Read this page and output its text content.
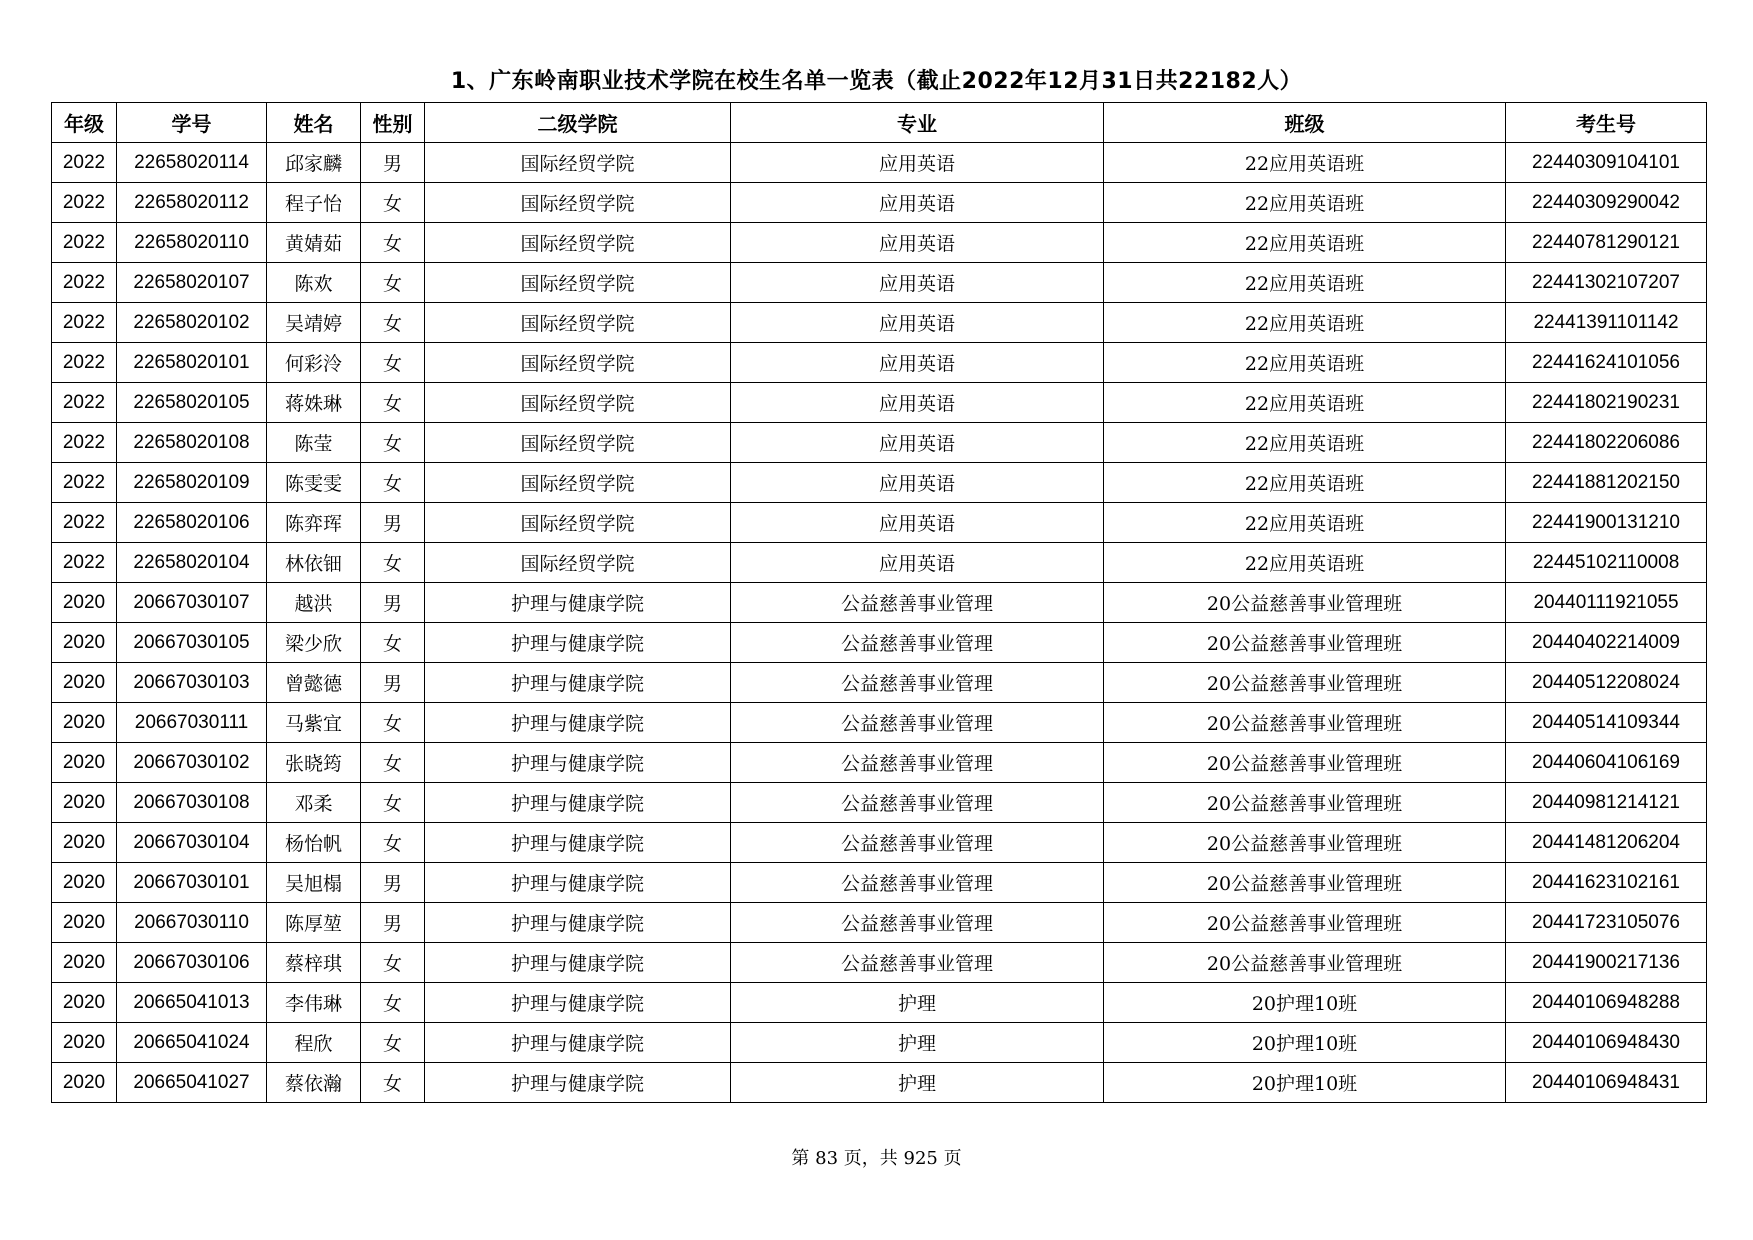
1、广东岭南职业技术学院在校生名单一览表（截止2022年12月31日共22182人）
年级	学号	姓名	性别	二级学院	专业	班级	考生号
2022	22658020114	邱家麟	男	国际经贸学院	应用英语	22应用英语班	22440309104101
2022	22658020112	程子怡	女	国际经贸学院	应用英语	22应用英语班	22440309290042
2022	22658020110	黄婧茹	女	国际经贸学院	应用英语	22应用英语班	22440781290121
2022	22658020107	陈欢	女	国际经贸学院	应用英语	22应用英语班	22441302107207
2022	22658020102	吴靖婷	女	国际经贸学院	应用英语	22应用英语班	22441391101142
2022	22658020101	何彩泠	女	国际经贸学院	应用英语	22应用英语班	22441624101056
2022	22658020105	蒋姝琳	女	国际经贸学院	应用英语	22应用英语班	22441802190231
2022	22658020108	陈莹	女	国际经贸学院	应用英语	22应用英语班	22441802206086
2022	22658020109	陈雯雯	女	国际经贸学院	应用英语	22应用英语班	22441881202150
2022	22658020106	陈弈珲	男	国际经贸学院	应用英语	22应用英语班	22441900131210
2022	22658020104	林依钿	女	国际经贸学院	应用英语	22应用英语班	22445102110008
2020	20667030107	越洪	男	护理与健康学院	公益慈善事业管理	20公益慈善事业管理班	20440111921055
2020	20667030105	梁少欣	女	护理与健康学院	公益慈善事业管理	20公益慈善事业管理班	20440402214009
2020	20667030103	曾懿德	男	护理与健康学院	公益慈善事业管理	20公益慈善事业管理班	20440512208024
2020	20667030111	马紫宜	女	护理与健康学院	公益慈善事业管理	20公益慈善事业管理班	20440514109344
2020	20667030102	张晓筠	女	护理与健康学院	公益慈善事业管理	20公益慈善事业管理班	20440604106169
2020	20667030108	邓柔	女	护理与健康学院	公益慈善事业管理	20公益慈善事业管理班	20440981214121
2020	20667030104	杨怡帆	女	护理与健康学院	公益慈善事业管理	20公益慈善事业管理班	20441481206204
2020	20667030101	吴旭榻	男	护理与健康学院	公益慈善事业管理	20公益慈善事业管理班	20441623102161
2020	20667030110	陈厚堃	男	护理与健康学院	公益慈善事业管理	20公益慈善事业管理班	20441723105076
2020	20667030106	蔡梓琪	女	护理与健康学院	公益慈善事业管理	20公益慈善事业管理班	20441900217136
2020	20665041013	李伟琳	女	护理与健康学院	护理	20护理10班	20440106948288
2020	20665041024	程欣	女	护理与健康学院	护理	20护理10班	20440106948430
2020	20665041027	蔡依瀚	女	护理与健康学院	护理	20护理10班	20440106948431
第 83 页，共 925 页
